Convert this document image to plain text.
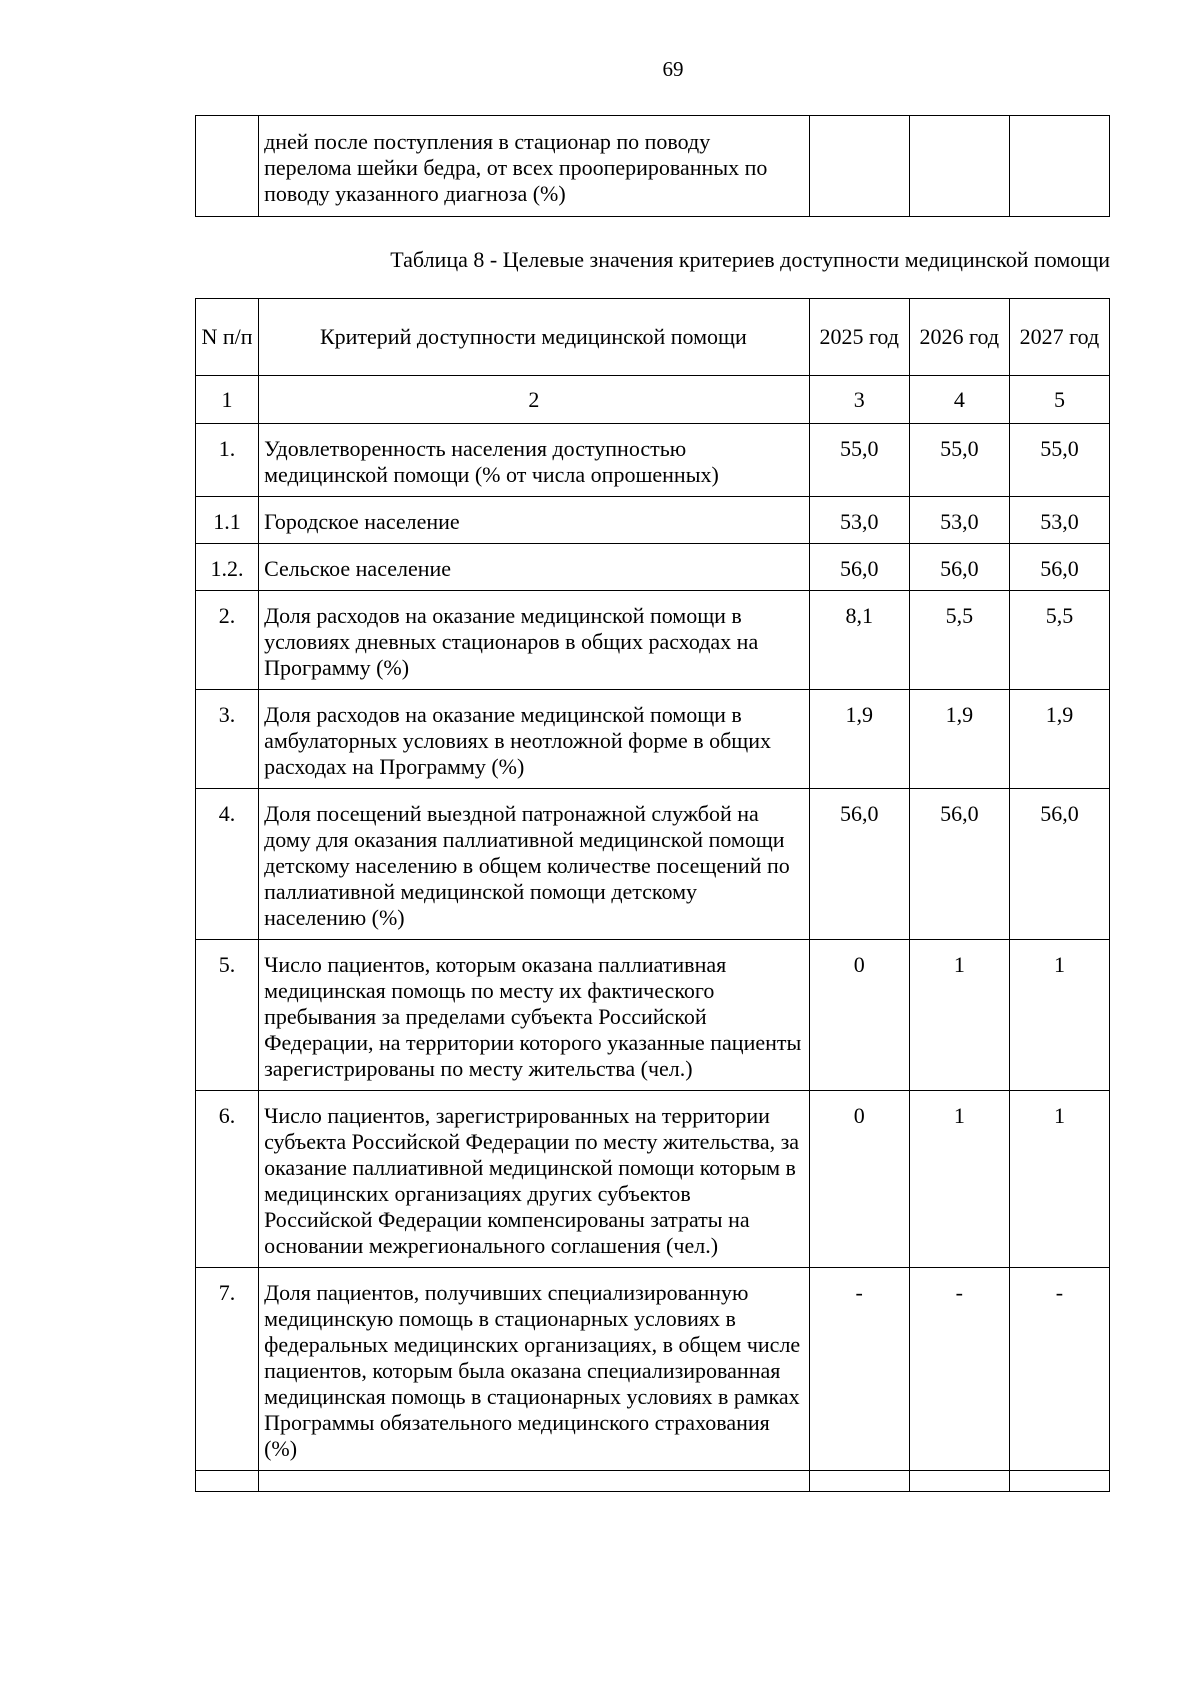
69

дней после поступления в стационар по поводу перелома шейки бедра, от всех прооперированных по поводу указанного диагноза (%)

Таблица 8 - Целевые значения критериев доступности медицинской помощи
N п/п	Критерий доступности медицинской помощи	2025 год	2026 год	2027 год
1	2	3	4	5
1.	Удовлетворенность населения доступностью медицинской помощи (% от числа опрошенных)	55,0	55,0	55,0
1.1	Городское население	53,0	53,0	53,0
1.2.	Сельское население	56,0	56,0	56,0
2.	Доля расходов на оказание медицинской помощи в условиях дневных стационаров в общих расходах на Программу (%)	8,1	5,5	5,5
3.	Доля расходов на оказание медицинской помощи в амбулаторных условиях в неотложной форме в общих расходах на Программу (%)	1,9	1,9	1,9
4.	Доля посещений выездной патронажной службой на дому для оказания паллиативной медицинской помощи детскому населению в общем количестве посещений по паллиативной медицинской помощи детскому населению (%)	56,0	56,0	56,0
5.	Число пациентов, которым оказана паллиативная медицинская помощь по месту их фактического пребывания за пределами субъекта Российской Федерации, на территории которого указанные пациенты зарегистрированы по месту жительства (чел.)	0	1	1
6.	Число пациентов, зарегистрированных на территории субъекта Российской Федерации по месту жительства, за оказание паллиативной медицинской помощи которым в медицинских организациях других субъектов Российской Федерации компенсированы затраты на основании межрегионального соглашения (чел.)	0	1	1
7.	Доля пациентов, получивших специализированную медицинскую помощь в стационарных условиях в федеральных медицинских организациях, в общем числе пациентов, которым была оказана специализированная медицинская помощь в стационарных условиях в рамках Программы обязательного медицинского страхования (%)	-	-	-
